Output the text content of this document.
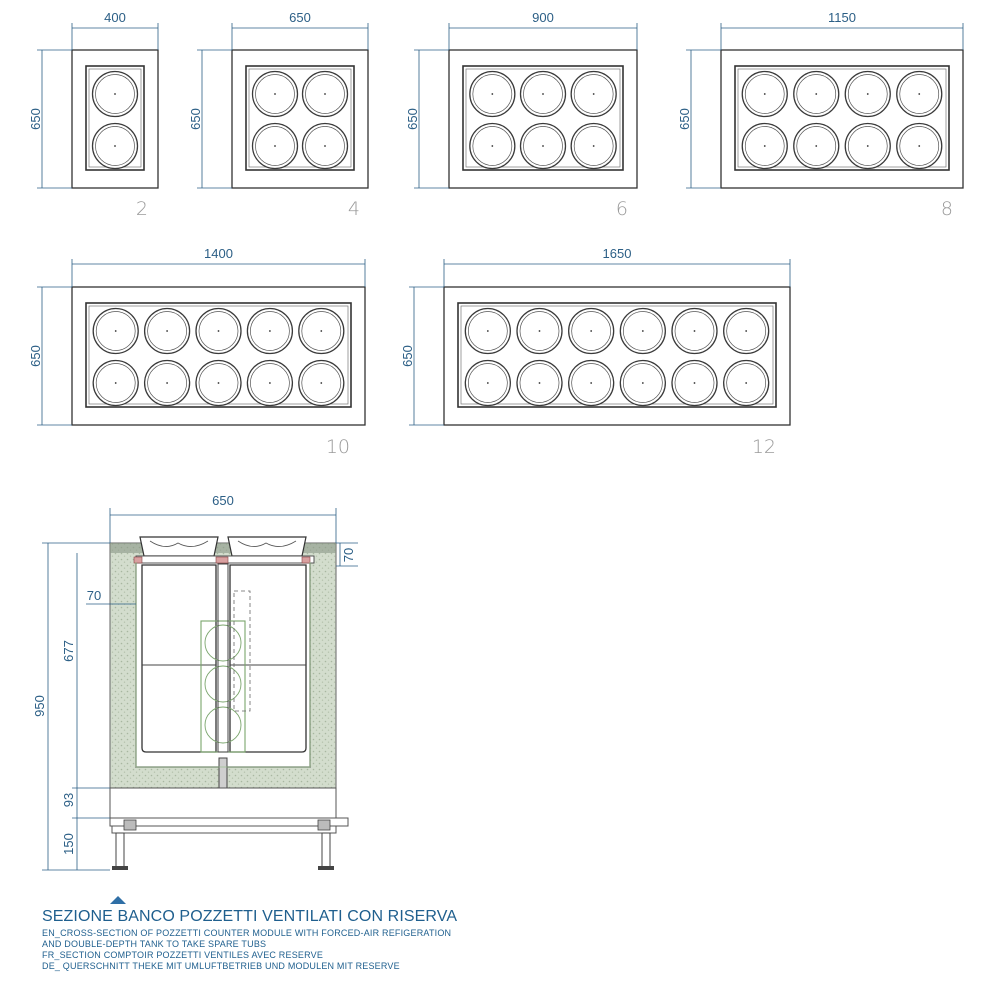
400
650
2
650
650
4
900
650
6
1150
650
8
1400
650
10
1650
650
12
650
70
70
950
677
93
150
SEZIONE BANCO POZZETTI VENTILATI CON RISERVA
EN_CROSS-SECTION OF POZZETTI COUNTER MODULE WITH FORCED-AIR REFIGERATION
AND DOUBLE-DEPTH TANK TO TAKE SPARE TUBS
FR_SECTION COMPTOIR POZZETTI VENTILES AVEC RESERVE
DE_ QUERSCHNITT THEKE MIT UMLUFTBETRIEB UND MODULEN MIT RESERVE
